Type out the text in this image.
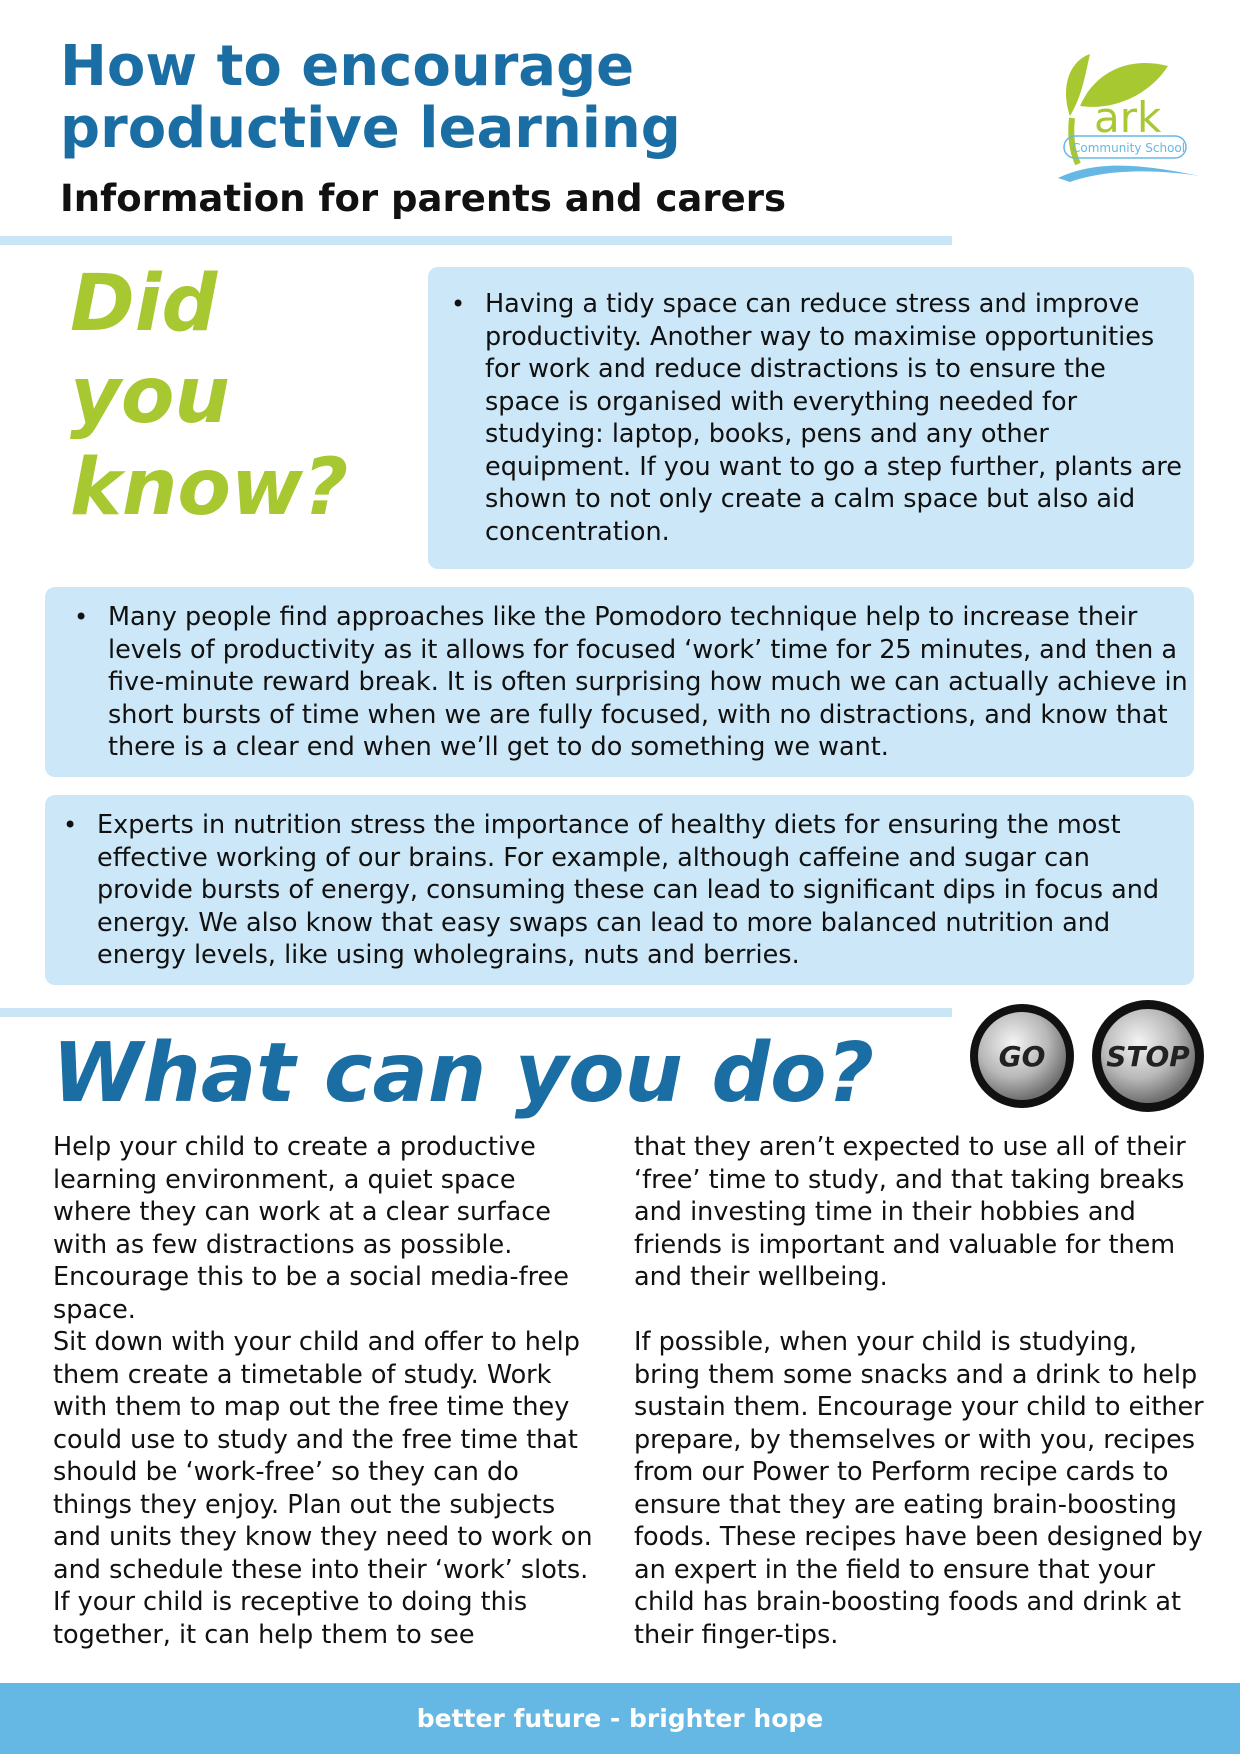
How to encourage
productive learning
Information for parents and carers
ark
Community School
Did you
know?
• Having a tidy space can reduce stress and improve productivity. Another way to maximise opportunities for work and reduce distractions is to ensure the space is organised with everything needed for studying: laptop, books, pens and any other equipment. If you want to go a step further, plants are shown to not only create a calm space but also aid concentration.
• Many people find approaches like the Pomodoro technique help to increase their levels of productivity as it allows for focused ‘work’ time for 25 minutes, and then a five-minute reward break. It is often surprising how much we can actually achieve in short bursts of time when we are fully focused, with no distractions, and know that there is a clear end when we’ll get to do something we want.
• Experts in nutrition stress the importance of healthy diets for ensuring the most effective working of our brains. For example, although caffeine and sugar can provide bursts of energy, consuming these can lead to significant dips in focus and energy. We also know that easy swaps can lead to more balanced nutrition and energy levels, like using wholegrains, nuts and berries.
What can you do?	GO	STOP

Help your child to create a productive learning environment, a quiet space where they can work at a clear surface with as few distractions as possible. Encourage this to be a social media-free space.

Sit down with your child and offer to help them create a timetable of study. Work with them to map out the free time they could use to study and the free time that should be ‘work-free’ so they can do things they enjoy. Plan out the subjects and units they know they need to work on and schedule these into their ‘work’ slots. If your child is receptive to doing this together, it can help them to see

that they aren’t expected to use all of their ‘free’ time to study, and that taking breaks and investing time in their hobbies and friends is important and valuable for them and their wellbeing.

If possible, when your child is studying, bring them some snacks and a drink to help sustain them. Encourage your child to either prepare, by themselves or with you, recipes from our Power to Perform recipe cards to ensure that they are eating brain-boosting foods. These recipes have been designed by an expert in the field to ensure that your child has brain-boosting foods and drink at their finger-tips.

better future - brighter hope
